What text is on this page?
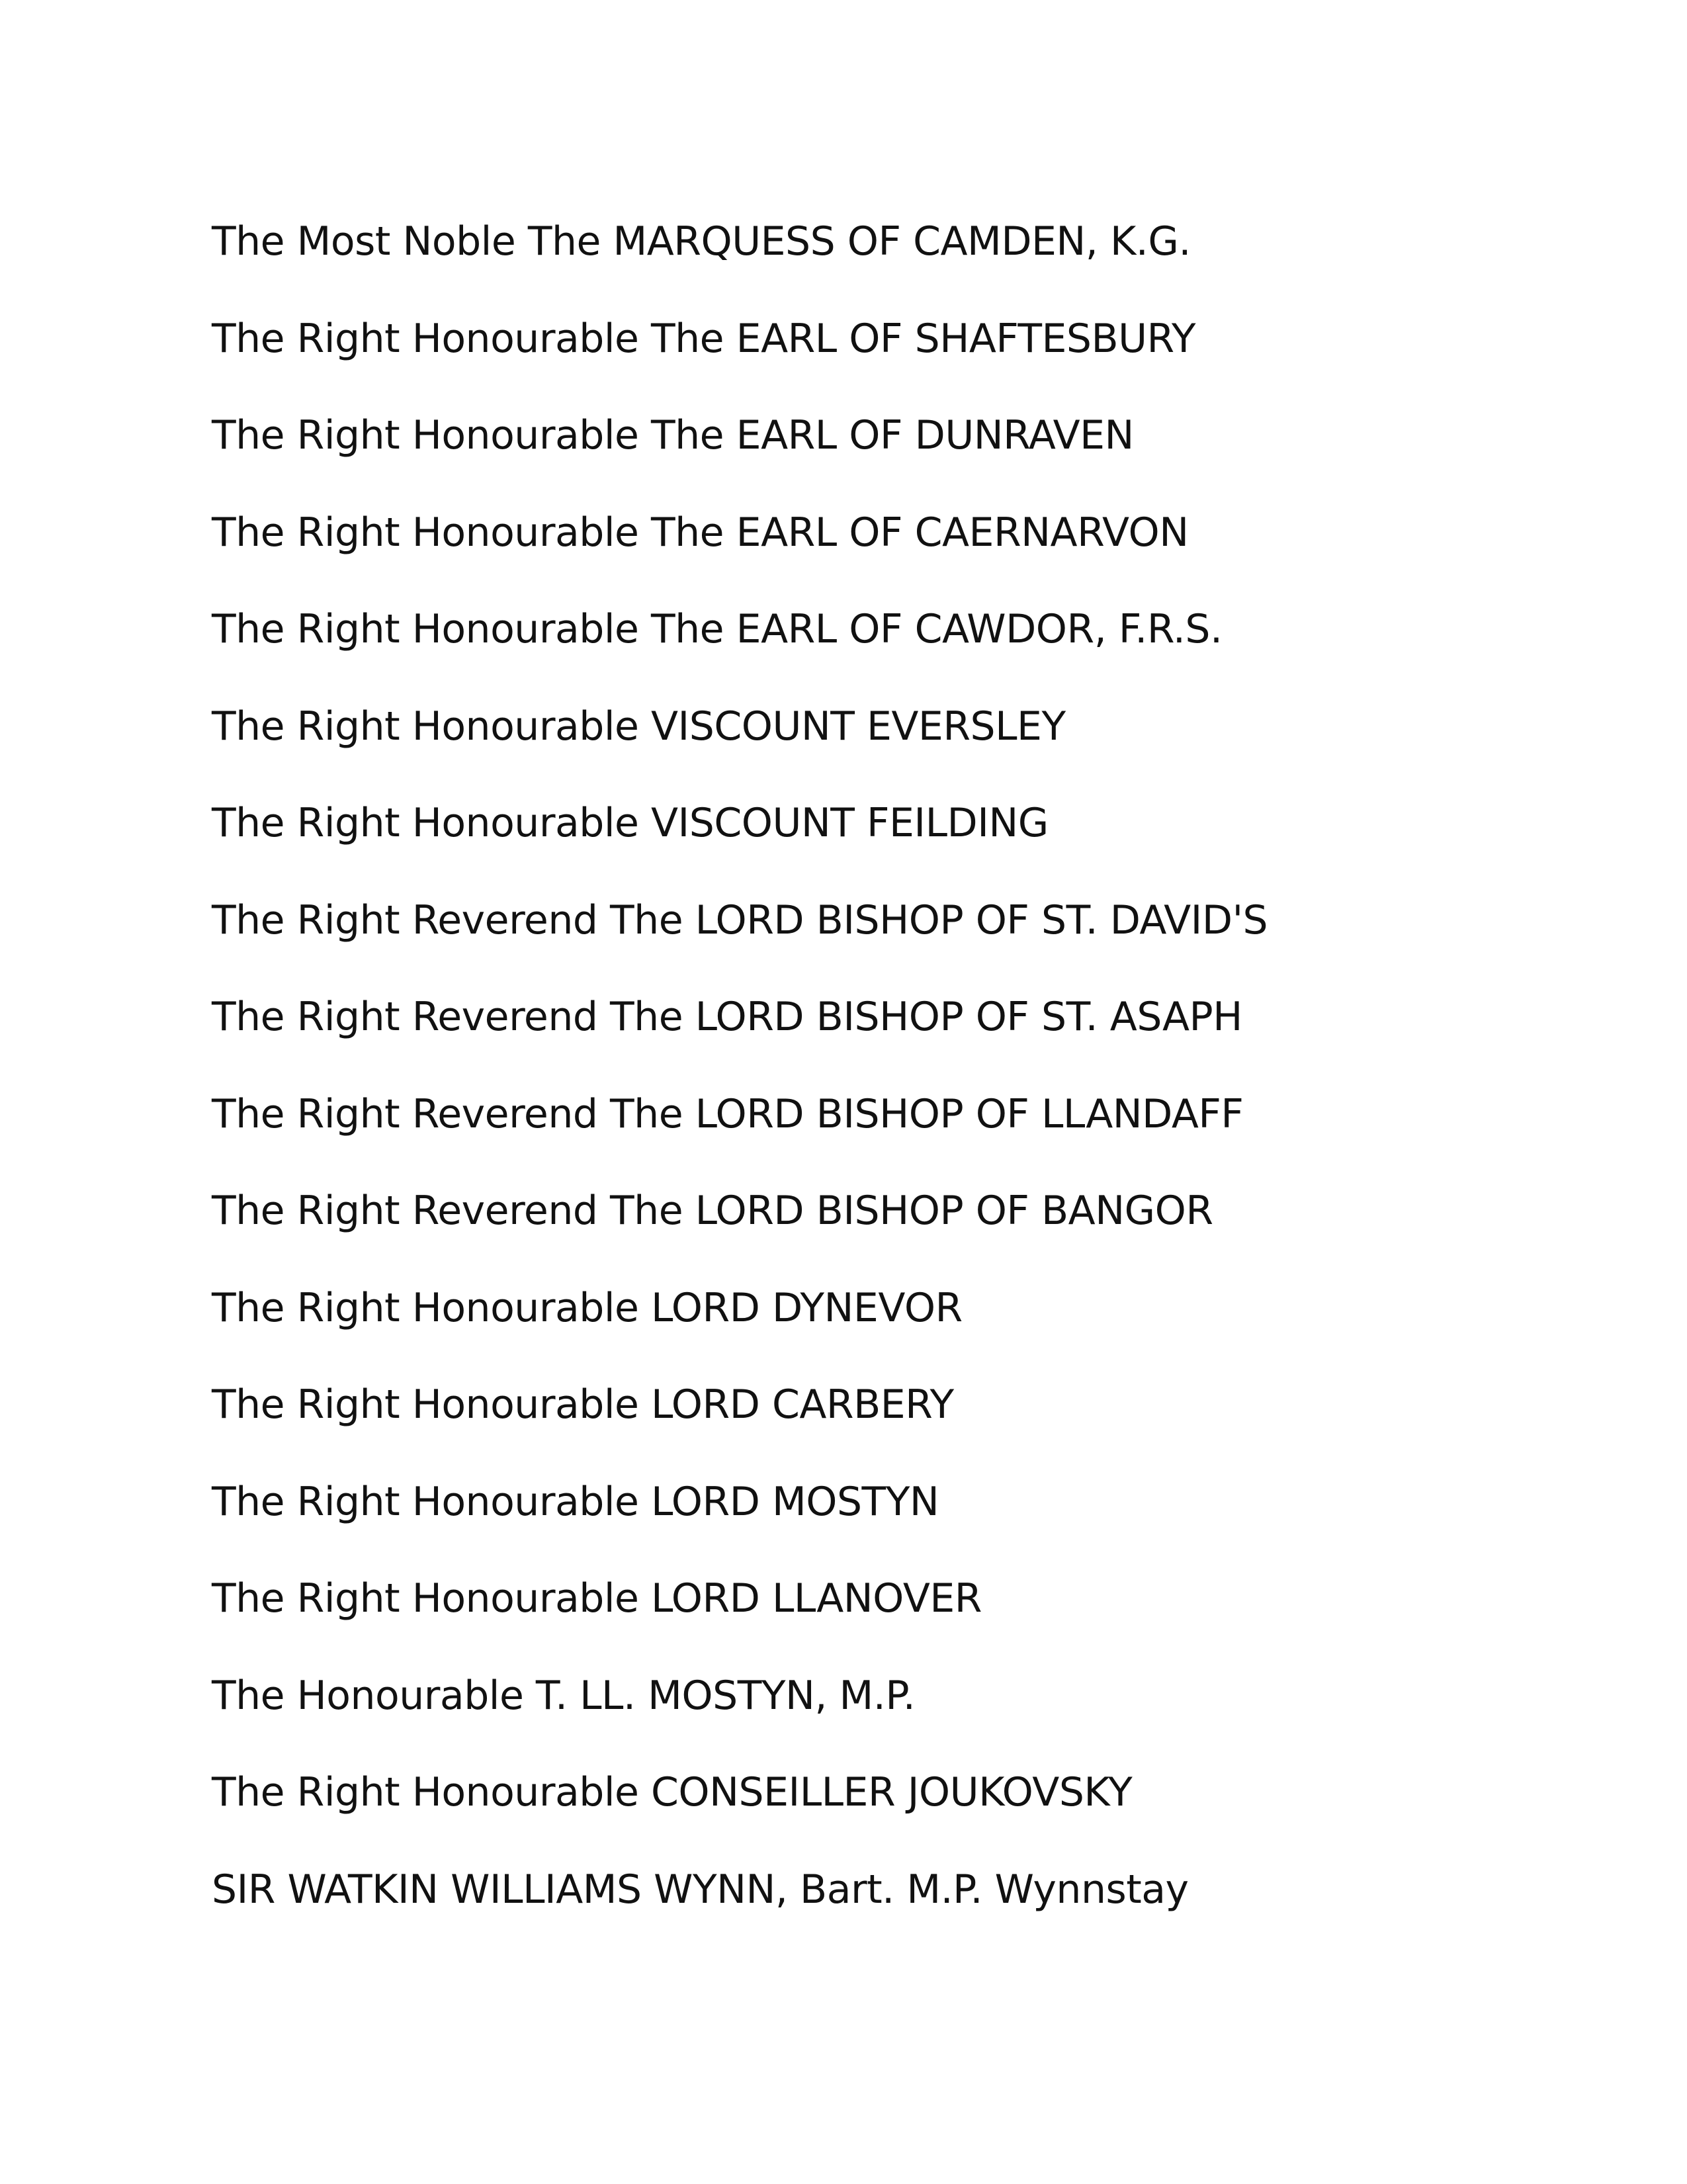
The Most Noble The MARQUESS OF CAMDEN, K.G.
The Right Honourable The EARL OF SHAFTESBURY
The Right Honourable The EARL OF DUNRAVEN
The Right Honourable The EARL OF CAERNARVON
The Right Honourable The EARL OF CAWDOR, F.R.S.
The Right Honourable VISCOUNT EVERSLEY
The Right Honourable VISCOUNT FEILDING
The Right Reverend The LORD BISHOP OF ST. DAVID'S
The Right Reverend The LORD BISHOP OF ST. ASAPH
The Right Reverend The LORD BISHOP OF LLANDAFF
The Right Reverend The LORD BISHOP OF BANGOR
The Right Honourable LORD DYNEVOR
The Right Honourable LORD CARBERY
The Right Honourable LORD MOSTYN
The Right Honourable LORD LLANOVER
The Honourable T. LL. MOSTYN, M.P.
The Right Honourable CONSEILLER JOUKOVSKY
SIR WATKIN WILLIAMS WYNN, Bart. M.P. Wynnstay
